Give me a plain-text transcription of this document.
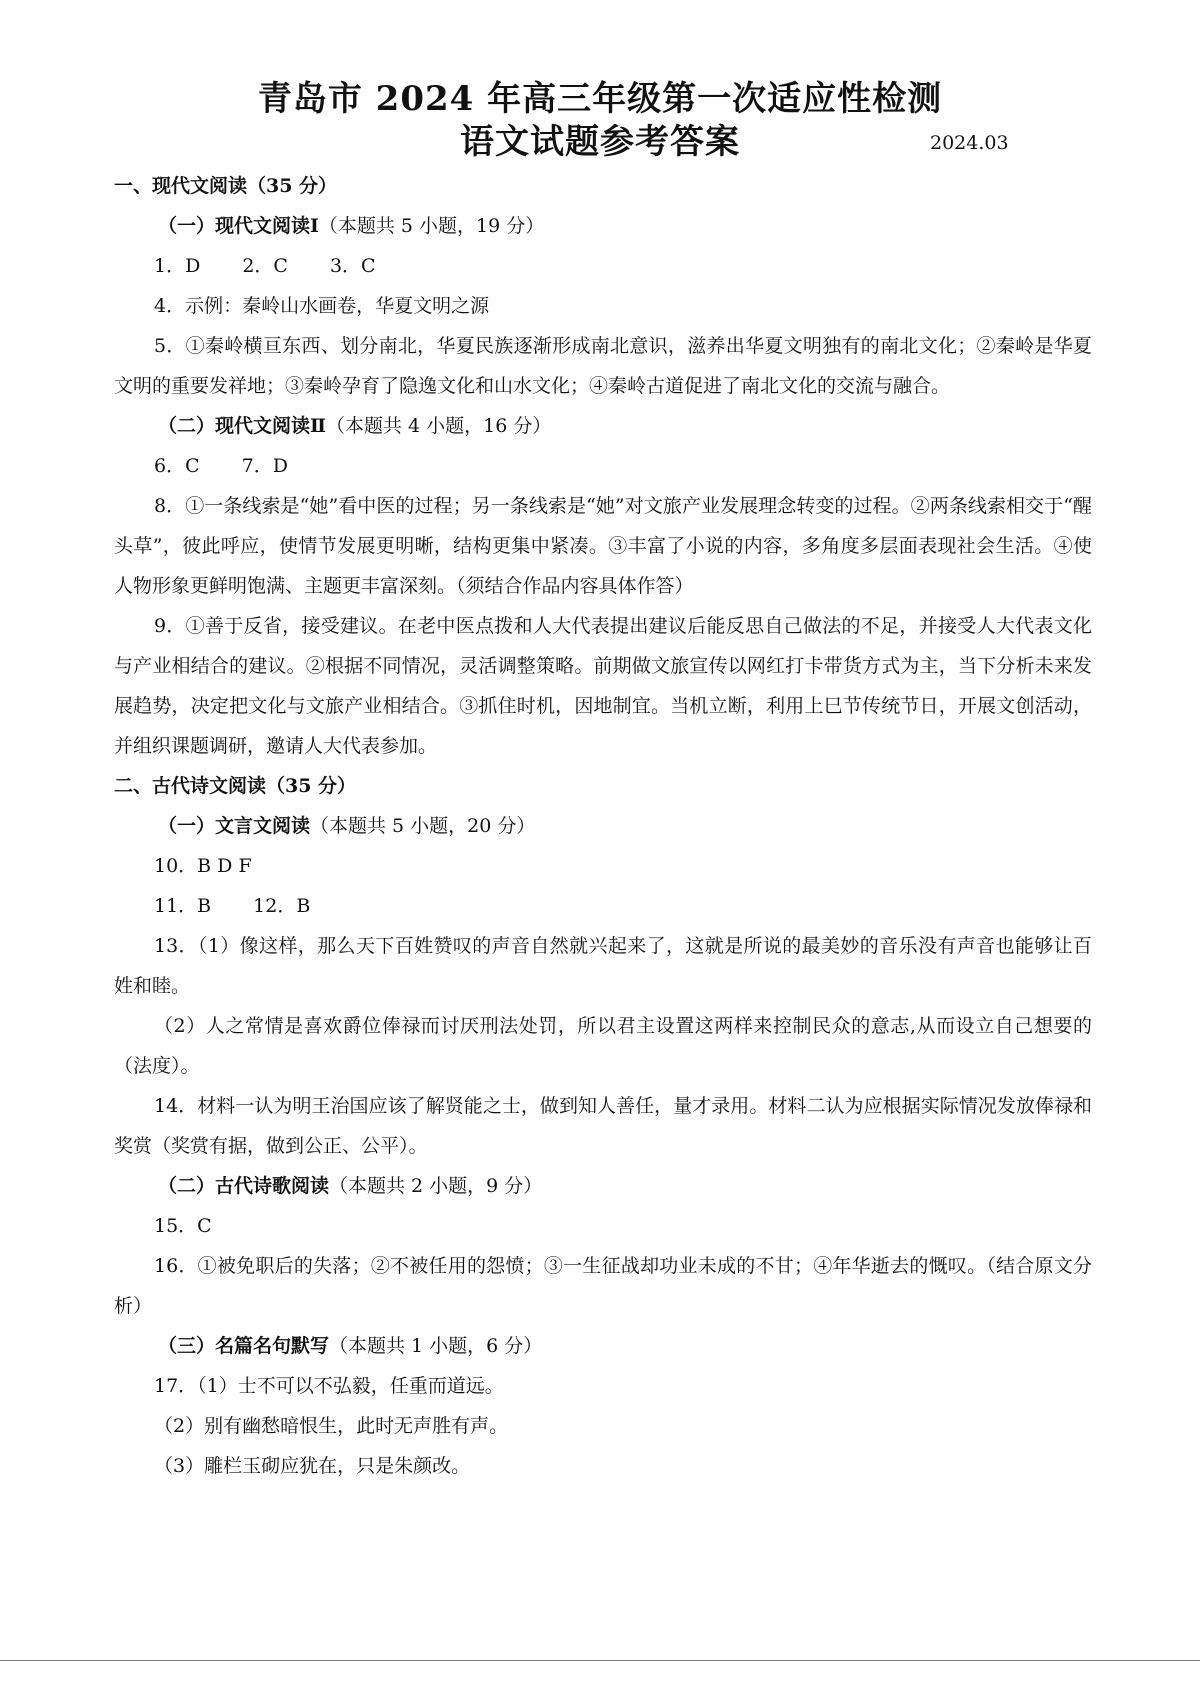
青岛市 2024 年高三年级第一次适应性检测

语文试题参考答案	2024.03
一、现代文阅读（35 分）
（一）现代文阅读Ⅰ（本题共 5 小题，19 分）
1．D 2．C 3．C
4．示例：秦岭山水画卷，华夏文明之源
5．①秦岭横亘东西、划分南北，华夏民族逐渐形成南北意识，滋养出华夏文明独有的南北文化；②秦岭是华夏文明的重要发祥地；③秦岭孕育了隐逸文化和山水文化；④秦岭古道促进了南北文化的交流与融合。
（二）现代文阅读Ⅱ（本题共 4 小题，16 分）
6．C 7．D
8．①一条线索是“她”看中医的过程；另一条线索是“她”对文旅产业发展理念转变的过程。②两条线索相交于“醒头草”，彼此呼应，使情节发展更明晰，结构更集中紧凑。③丰富了小说的内容，多角度多层面表现社会生活。④使人物形象更鲜明饱满、主题更丰富深刻。（须结合作品内容具体作答）
9．①善于反省，接受建议。在老中医点拨和人大代表提出建议后能反思自己做法的不足，并接受人大代表文化与产业相结合的建议。②根据不同情况，灵活调整策略。前期做文旅宣传以网红打卡带货方式为主，当下分析未来发展趋势，决定把文化与文旅产业相结合。③抓住时机，因地制宜。当机立断，利用上巳节传统节日，开展文创活动，并组织课题调研，邀请人大代表参加。
二、古代诗文阅读（35 分）
（一）文言文阅读（本题共 5 小题，20 分）
10．B D F
11．B 12．B
13．（1）像这样，那么天下百姓赞叹的声音自然就兴起来了，这就是所说的最美妙的音乐没有声音也能够让百姓和睦。
（2）人之常情是喜欢爵位俸禄而讨厌刑法处罚，所以君主设置这两样来控制民众的意志,从而设立自己想要的（法度）。
14．材料一认为明王治国应该了解贤能之士，做到知人善任，量才录用。材料二认为应根据实际情况发放俸禄和奖赏（奖赏有据，做到公正、公平）。
（二）古代诗歌阅读（本题共 2 小题，9 分）
15．C
16．①被免职后的失落；②不被任用的怨愤；③一生征战却功业未成的不甘；④年华逝去的慨叹。（结合原文分析）
（三）名篇名句默写（本题共 1 小题，6 分）
17．（1）士不可以不弘毅，任重而道远。
（2）别有幽愁暗恨生，此时无声胜有声。
（3）雕栏玉砌应犹在，只是朱颜改。
